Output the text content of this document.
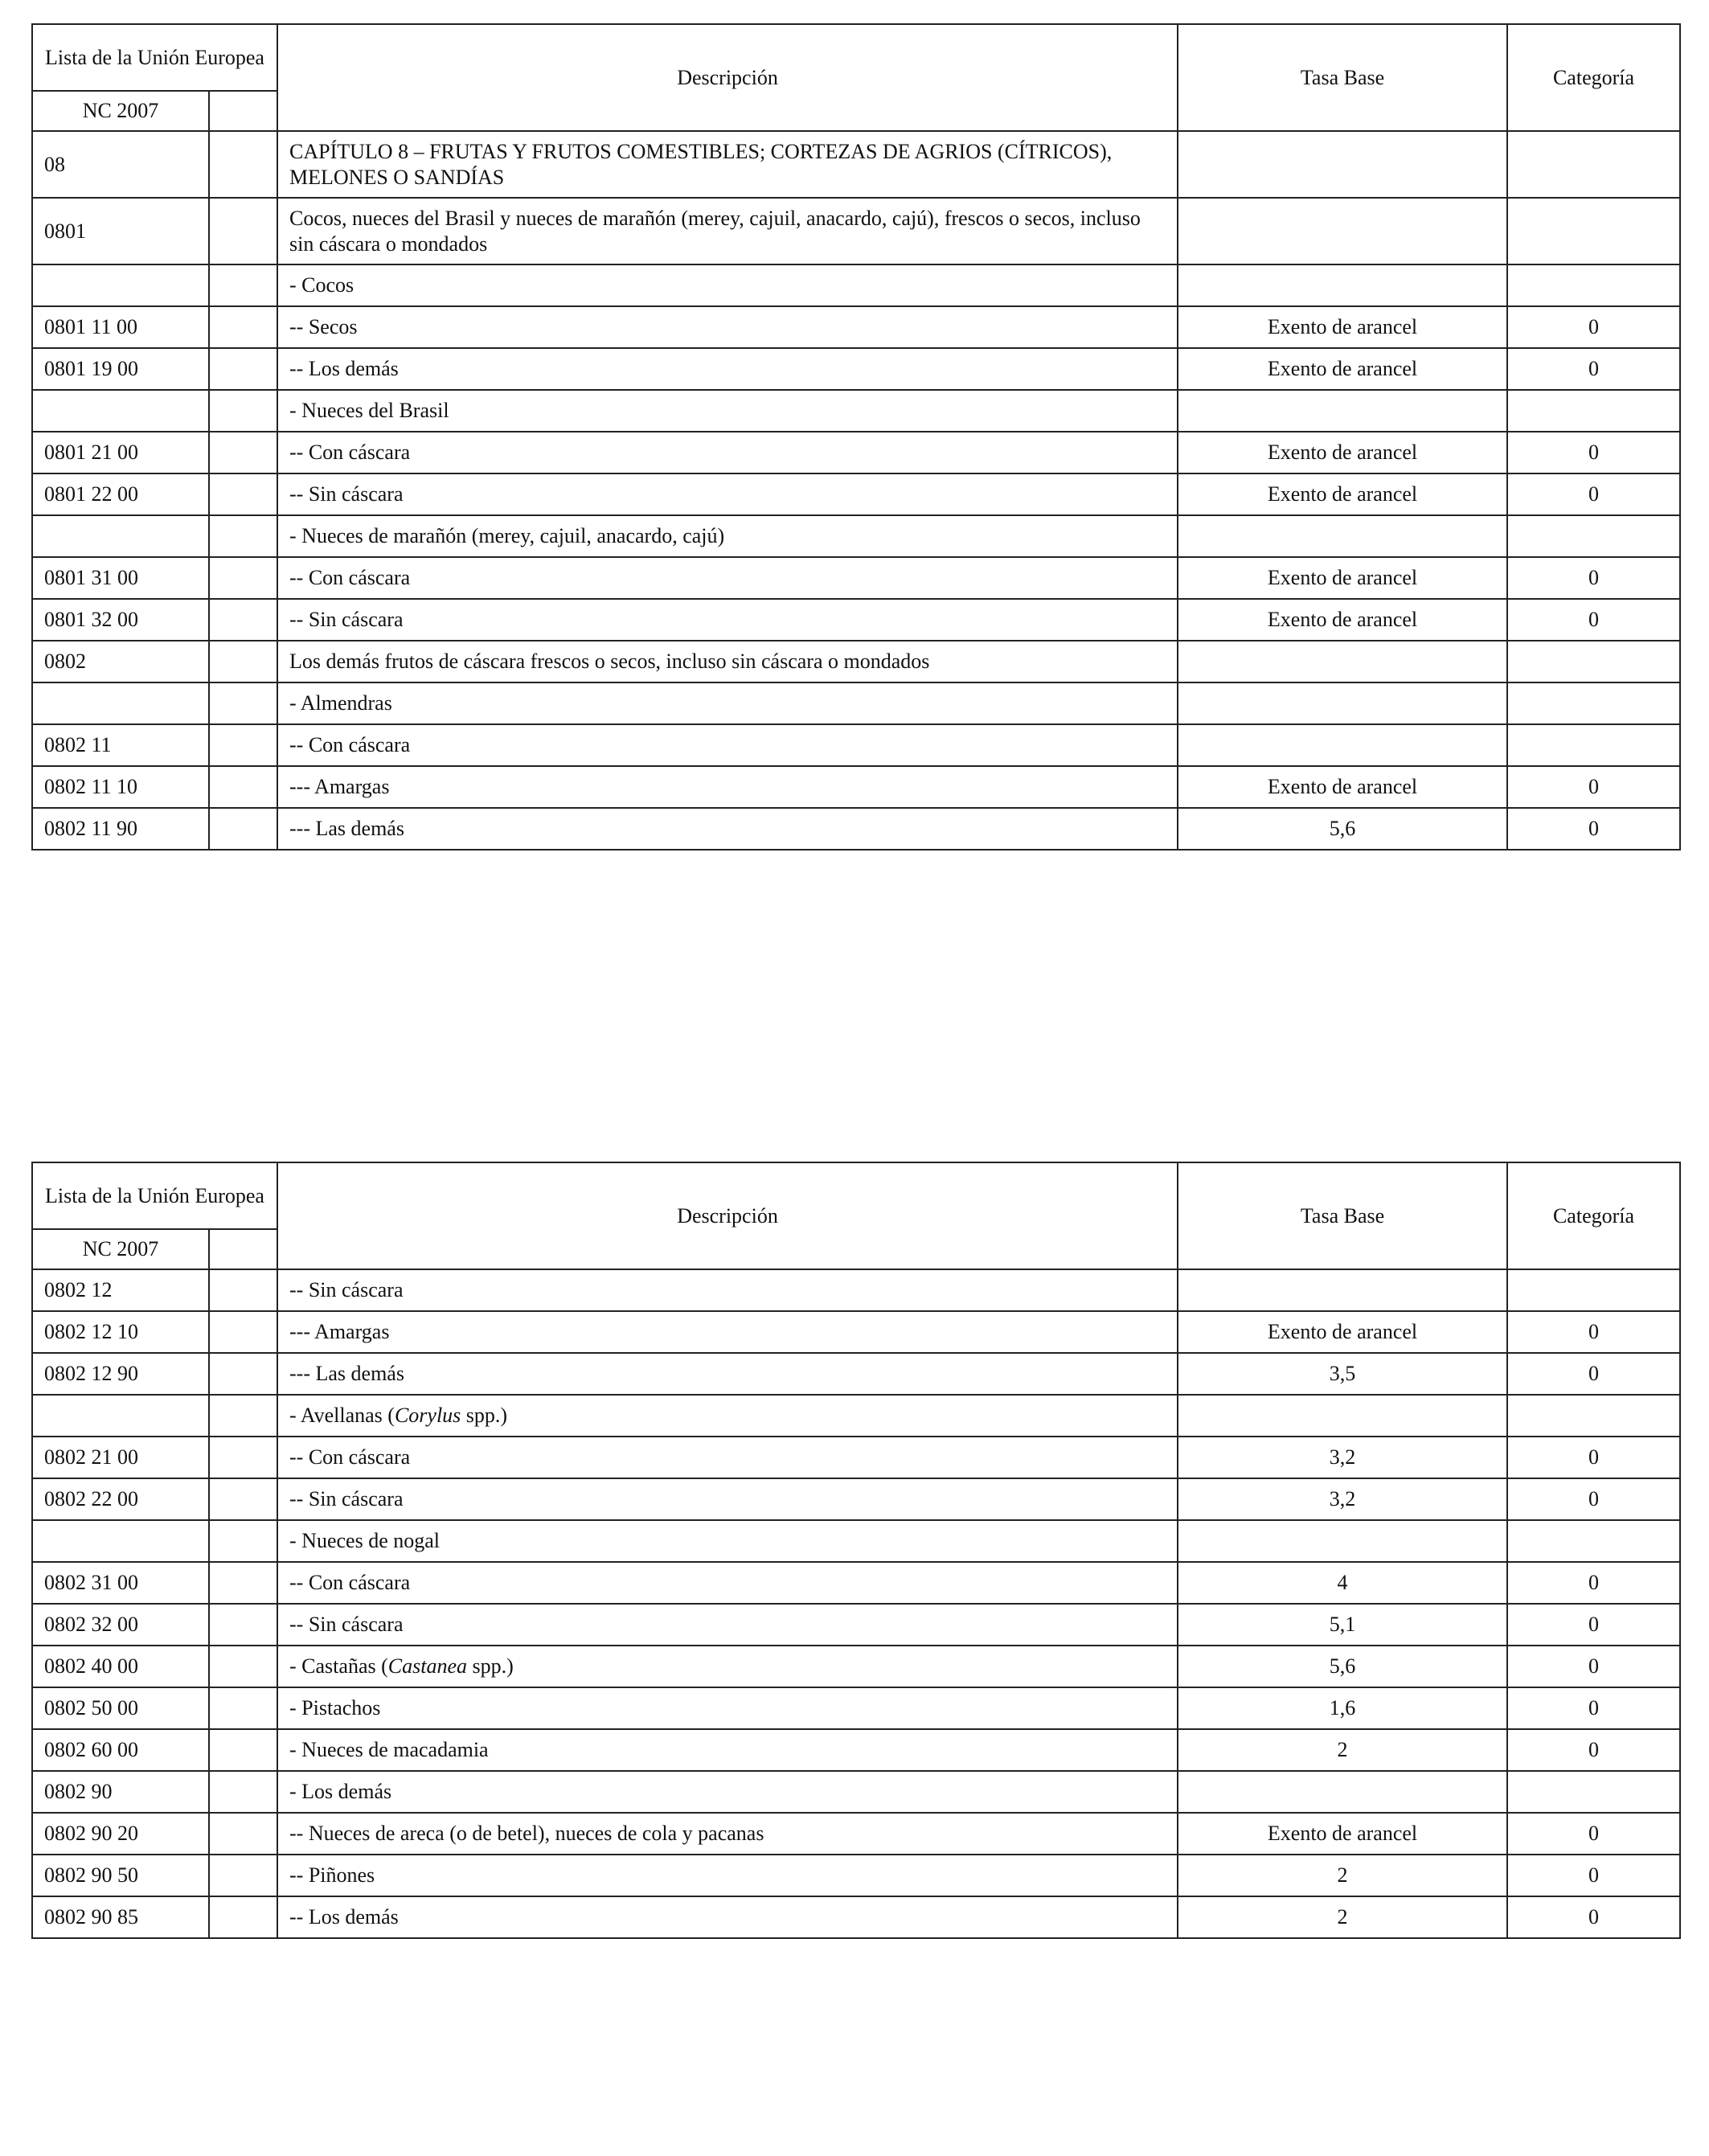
Lista de la Unión Europea		Descripción	Tasa Base	Categoría
NC 2007				
08		CAPÍTULO 8 – FRUTAS Y FRUTOS COMESTIBLES; CORTEZAS DE AGRIOS (CÍTRICOS), MELONES O SANDÍAS		
0801		Cocos, nueces del Brasil y nueces de marañón (merey, cajuil, anacardo, cajú), frescos o secos, incluso sin cáscara o mondados		
		- Cocos		
0801 11 00		-- Secos	Exento de arancel	0
0801 19 00		-- Los demás	Exento de arancel	0
		- Nueces del Brasil		
0801 21 00		-- Con cáscara	Exento de arancel	0
0801 22 00		-- Sin cáscara	Exento de arancel	0
		- Nueces de marañón (merey, cajuil, anacardo, cajú)		
0801 31 00		-- Con cáscara	Exento de arancel	0
0801 32 00		-- Sin cáscara	Exento de arancel	0
0802		Los demás frutos de cáscara frescos o secos, incluso sin cáscara o mondados		
		- Almendras		
0802 11		-- Con cáscara		
0802 11 10		--- Amargas	Exento de arancel	0
0802 11 90		--- Las demás	5,6	0
Lista de la Unión Europea		Descripción	Tasa Base	Categoría
NC 2007				
0802 12		-- Sin cáscara		
0802 12 10		--- Amargas	Exento de arancel	0
0802 12 90		--- Las demás	3,5	0
		- Avellanas (Corylus spp.)		
0802 21 00		-- Con cáscara	3,2	0
0802 22 00		-- Sin cáscara	3,2	0
		- Nueces de nogal		
0802 31 00		-- Con cáscara	4	0
0802 32 00		-- Sin cáscara	5,1	0
0802 40 00		- Castañas (Castanea spp.)	5,6	0
0802 50 00		- Pistachos	1,6	0
0802 60 00		- Nueces de macadamia	2	0
0802 90		- Los demás		
0802 90 20		-- Nueces de areca (o de betel), nueces de cola y pacanas	Exento de arancel	0
0802 90 50		-- Piñones	2	0
0802 90 85		-- Los demás	2	0
